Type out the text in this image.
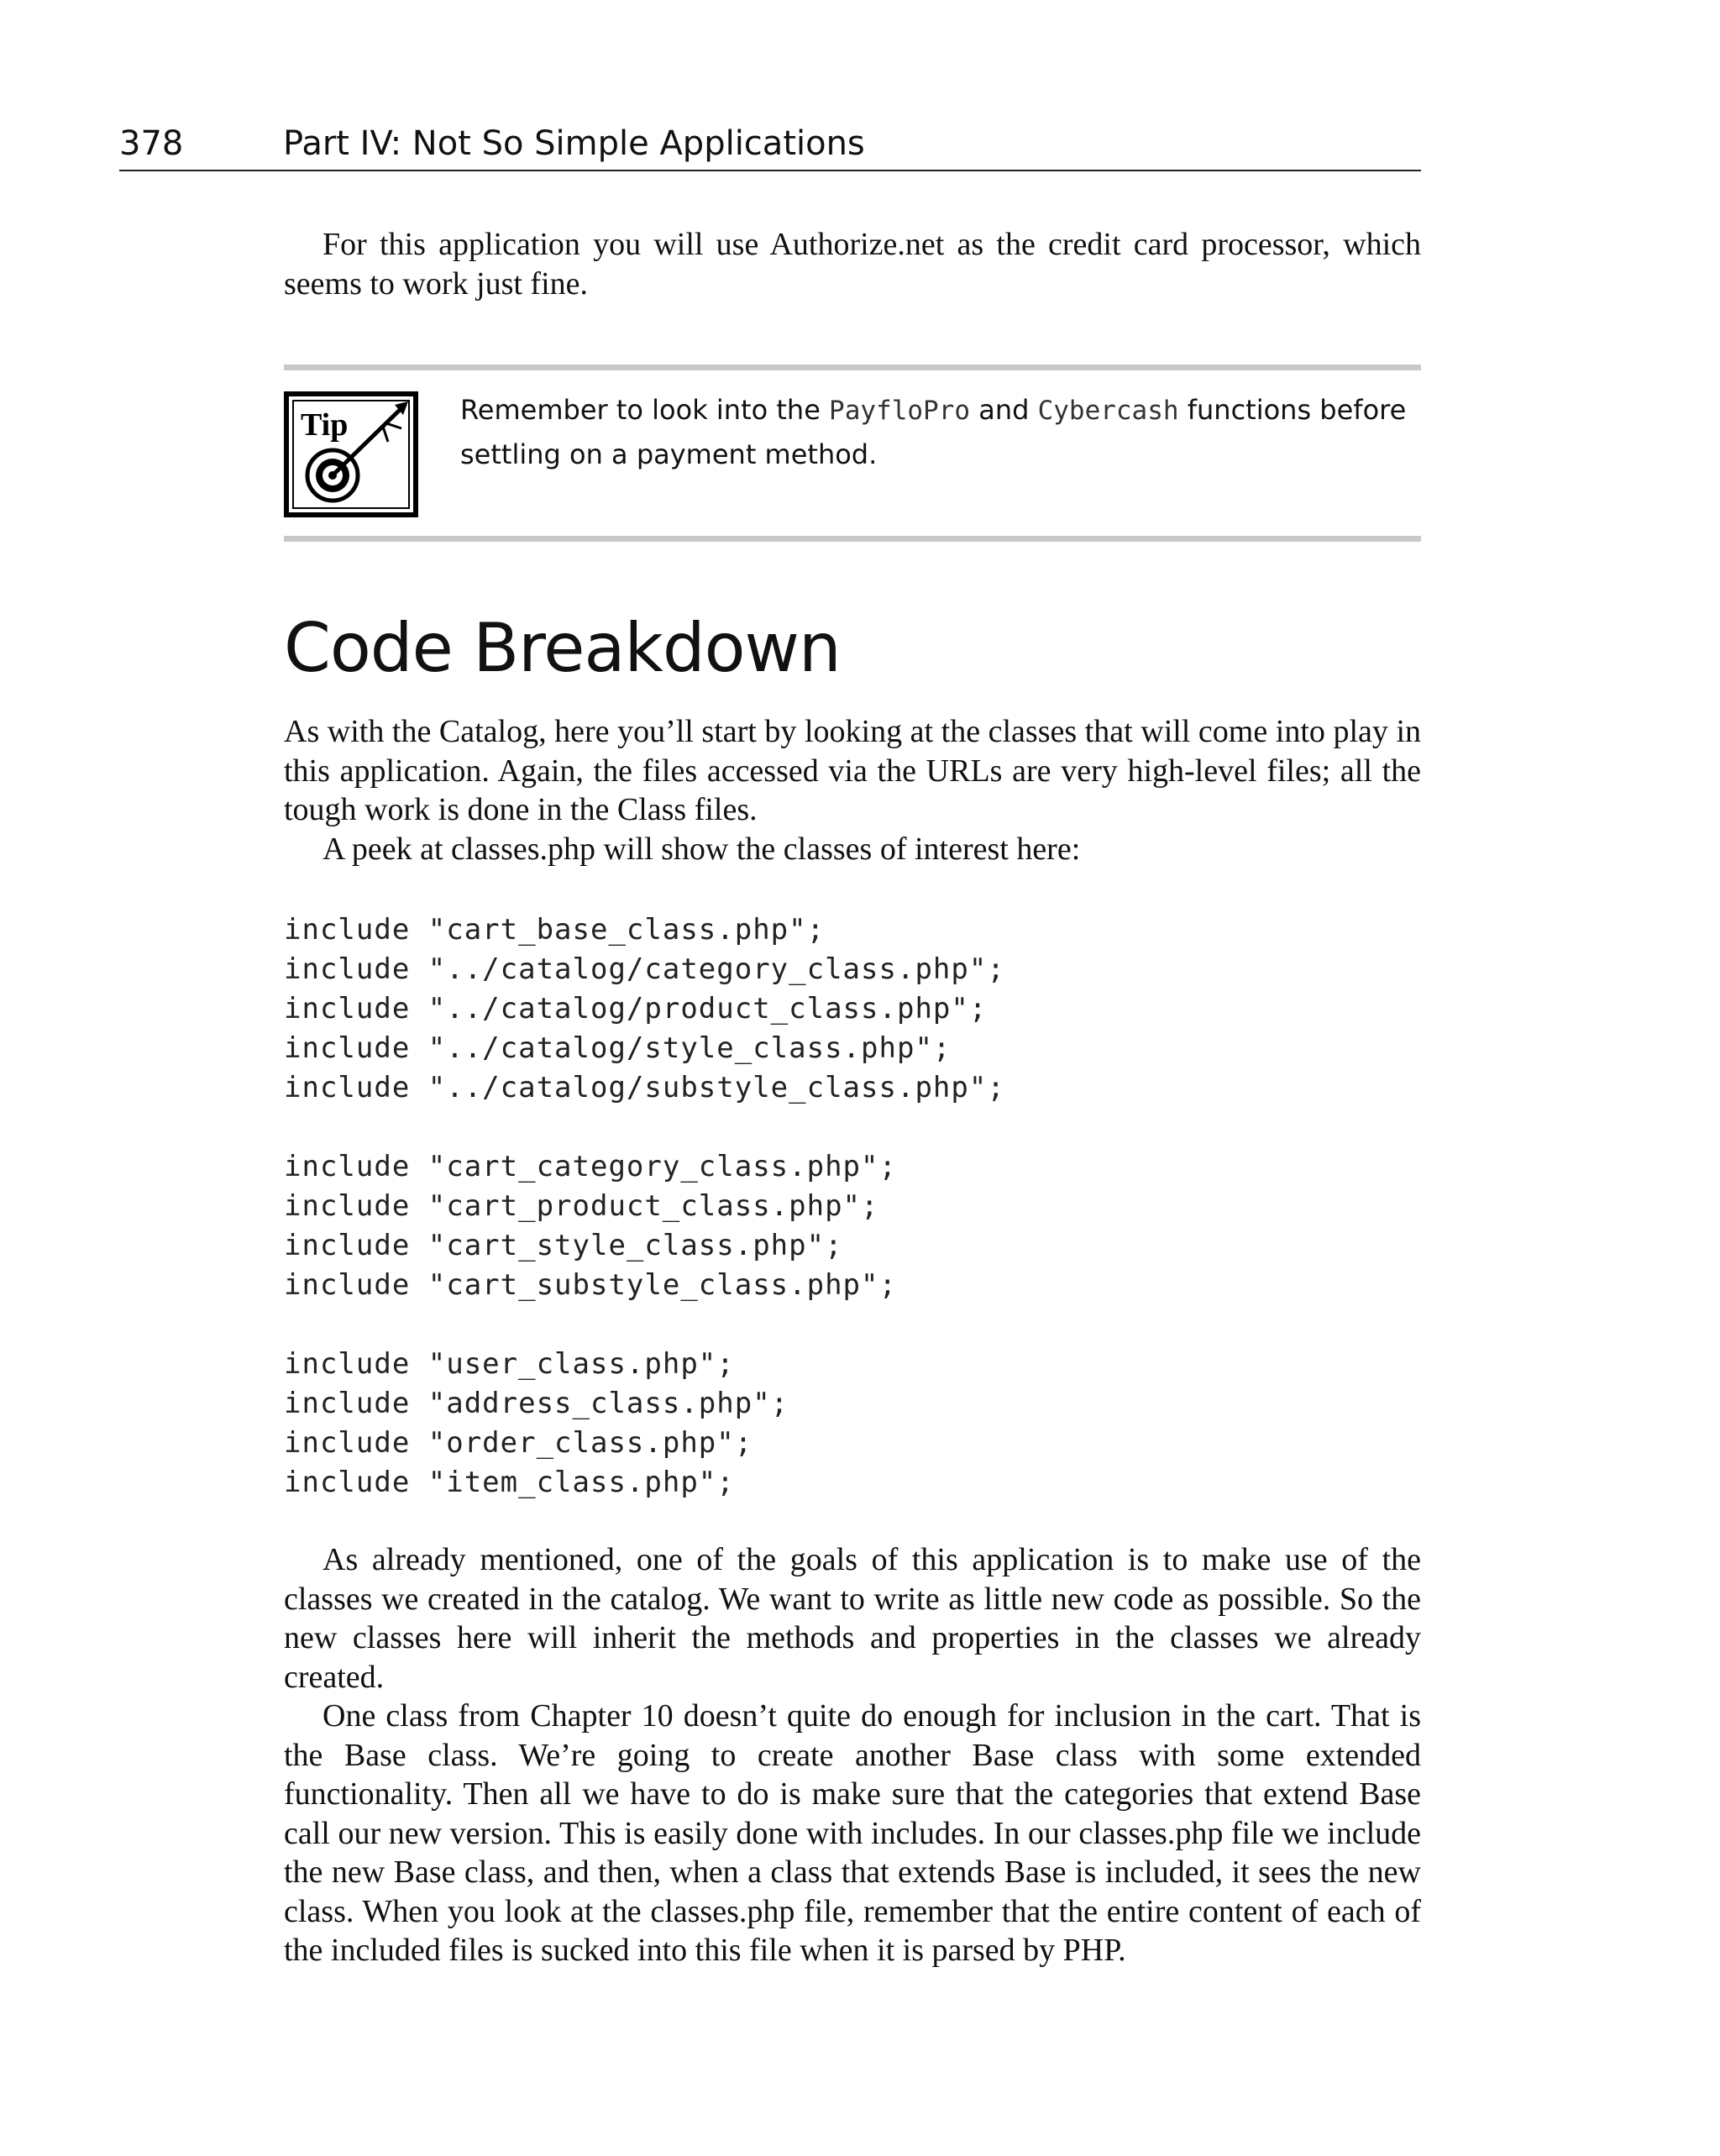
378	Part IV: Not So Simple Applications

For this application you will use Authorize.net as the credit card processor, which seems to work just fine.

Tip	Remember to look into the PayfloPro and Cybercash functions before settling on a payment method.
Code Breakdown

As with the Catalog, here you’ll start by looking at the classes that will come into play in this application. Again, the files accessed via the URLs are very high-level files; all the tough work is done in the Class files.

A peek at classes.php will show the classes of interest here:

include "cart_base_class.php";
include "../catalog/category_class.php";
include "../catalog/product_class.php";
include "../catalog/style_class.php";
include "../catalog/substyle_class.php";
include "cart_category_class.php";
include "cart_product_class.php";
include "cart_style_class.php";
include "cart_substyle_class.php";
include "user_class.php";
include "address_class.php";
include "order_class.php";
include "item_class.php";

As already mentioned, one of the goals of this application is to make use of the classes we created in the catalog. We want to write as little new code as possible. So the new classes here will inherit the methods and properties in the classes we already created.

One class from Chapter 10 doesn’t quite do enough for inclusion in the cart. That is the Base class. We’re going to create another Base class with some extended functionality. Then all we have to do is make sure that the categories that extend Base call our new version. This is easily done with includes. In our classes.php file we include the new Base class, and then, when a class that extends Base is included, it sees the new class. When you look at the classes.php file, remember that the entire content of each of the included files is sucked into this file when it is parsed by PHP.
